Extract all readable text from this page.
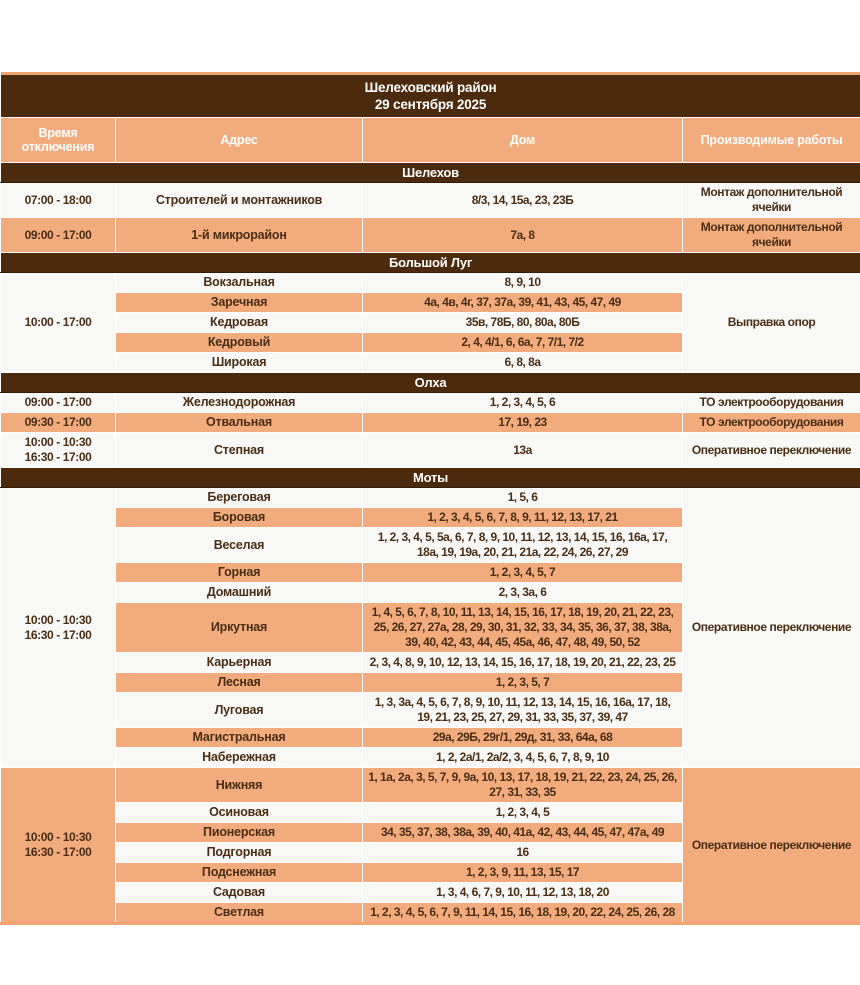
Шелеховский район
29 сентября 2025			

Время отключения	Адрес	Дом	Производимые работы
Шелехов			

07:00 - 18:00	Строителей и монтажников	8/3, 14, 15а, 23, 23Б	Монтаж дополнительной ячейки

09:00 - 17:00	1-й микрорайон	7а, 8	Монтаж дополнительной ячейки
Большой Луг			

10:00 - 17:00	Вокзальная	8, 9, 10	Выправка опор
	Заречная	4а, 4в, 4г, 37, 37а, 39, 41, 43, 45, 47, 49	
	Кедровая	35в, 78Б, 80, 80а, 80Б	
	Кедровый	2, 4, 4/1, 6, 6а, 7, 7/1, 7/2	
	Широкая	6, 8, 8а	
Олха			

09:00 - 17:00	Железнодорожная	1, 2, 3, 4, 5, 6	ТО электрооборудования

09:30 - 17:00	Отвальная	17, 19, 23	ТО электрооборудования

10:00 - 10:30
16:30 - 17:00	Степная	13а	Оперативное переключение
Моты			

10:00 - 10:30
16:30 - 17:00	Береговая	1, 5, 6	Оперативное переключение
	Боровая	1, 2, 3, 4, 5, 6, 7, 8, 9, 11, 12, 13, 17, 21	
	Веселая	1, 2, 3, 4, 5, 5а, 6, 7, 8, 9, 10, 11, 12, 13, 14, 15, 16, 16а, 17, 18а, 19, 19а, 20, 21, 21а, 22, 24, 26, 27, 29	
	Горная	1, 2, 3, 4, 5, 7	
	Домашний	2, 3, 3а, 6	
	Иркутная	1, 4, 5, 6, 7, 8, 10, 11, 13, 14, 15, 16, 17, 18, 19, 20, 21, 22, 23, 25, 26, 27, 27а, 28, 29, 30, 31, 32, 33, 34, 35, 36, 37, 38, 38а, 39, 40, 42, 43, 44, 45, 45а, 46, 47, 48, 49, 50, 52	
	Карьерная	2, 3, 4, 8, 9, 10, 12, 13, 14, 15, 16, 17, 18, 19, 20, 21, 22, 23, 25	
	Лесная	1, 2, 3, 5, 7	
	Луговая	1, 3, 3а, 4, 5, 6, 7, 8, 9, 10, 11, 12, 13, 14, 15, 16, 16а, 17, 18, 19, 21, 23, 25, 27, 29, 31, 33, 35, 37, 39, 47	
	Магистральная	29а, 29Б, 29г/1, 29д, 31, 33, 64а, 68	
	Набережная	1, 2, 2а/1, 2а/2, 3, 4, 5, 6, 7, 8, 9, 10	

10:00 - 10:30
16:30 - 17:00	Нижняя	1, 1а, 2а, 3, 5, 7, 9, 9а, 10, 13, 17, 18, 19, 21, 22, 23, 24, 25, 26, 27, 31, 33, 35	Оперативное переключение
	Осиновая	1, 2, 3, 4, 5	
	Пионерская	34, 35, 37, 38, 38а, 39, 40, 41а, 42, 43, 44, 45, 47, 47а, 49	
	Подгорная	16	
	Подснежная	1, 2, 3, 9, 11, 13, 15, 17	
	Садовая	1, 3, 4, 6, 7, 9, 10, 11, 12, 13, 18, 20	
	Светлая	1, 2, 3, 4, 5, 6, 7, 9, 11, 14, 15, 16, 18, 19, 20, 22, 24, 25, 26, 28	
